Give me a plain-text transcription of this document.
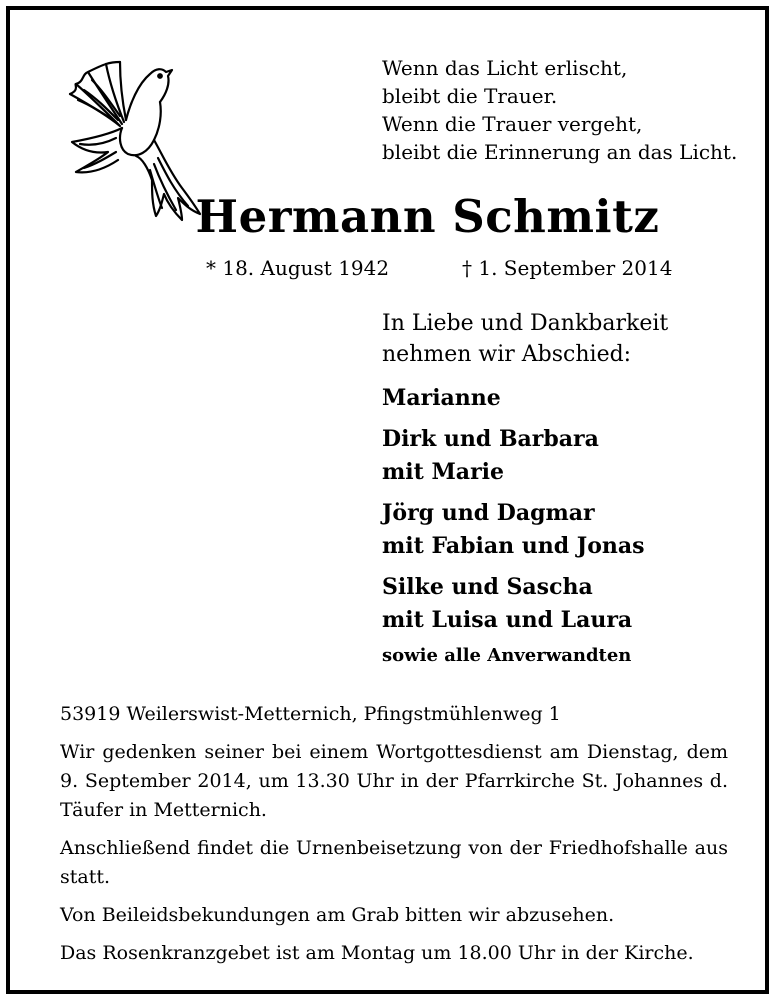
Wenn das Licht erlischt,
bleibt die Trauer.
Wenn die Trauer vergeht,
bleibt die Erinnerung an das Licht.
Hermann Schmitz
* 18. August 1942	† 1. September 2014
In Liebe und Dankbarkeit
nehmen wir Abschied:
Marianne
Dirk und Barbara
mit Marie
Jörg und Dagmar
mit Fabian und Jonas
Silke und Sascha
mit Luisa und Laura
sowie alle Anverwandten

53919 Weilerswist-Metternich, Pfingstmühlenweg 1

Wir gedenken seiner bei einem Wortgottesdienst am Dienstag, dem 9. September 2014, um 13.30 Uhr in der Pfarrkirche St. Johannes d. Täufer in Metternich.

Anschließend findet die Urnenbeisetzung von der Friedhofshalle aus statt.

Von Beileidsbekundungen am Grab bitten wir abzusehen.

Das Rosenkranzgebet ist am Montag um 18.00 Uhr in der Kirche.
